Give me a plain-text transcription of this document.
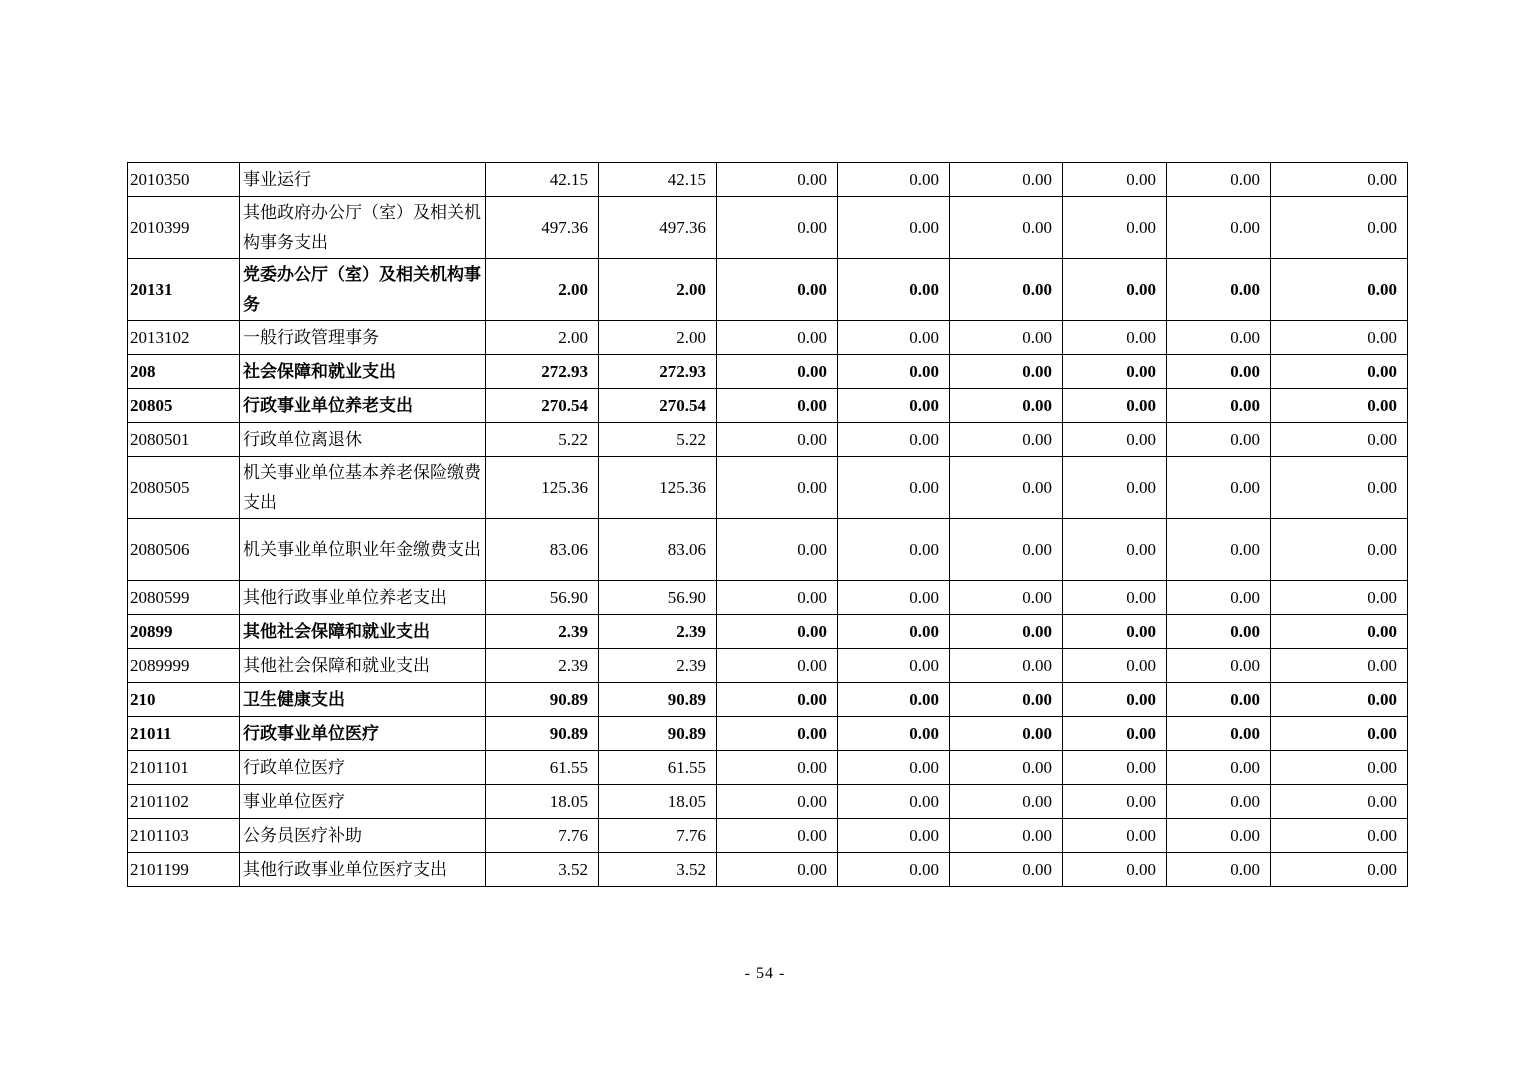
2010350	事业运行	42.15	42.15	0.00	0.00	0.00	0.00	0.00	0.00
2010399	其他政府办公厅（室）及相关机构事务支出	497.36	497.36	0.00	0.00	0.00	0.00	0.00	0.00
20131	党委办公厅（室）及相关机构事务	2.00	2.00	0.00	0.00	0.00	0.00	0.00	0.00
2013102	一般行政管理事务	2.00	2.00	0.00	0.00	0.00	0.00	0.00	0.00
208	社会保障和就业支出	272.93	272.93	0.00	0.00	0.00	0.00	0.00	0.00
20805	行政事业单位养老支出	270.54	270.54	0.00	0.00	0.00	0.00	0.00	0.00
2080501	行政单位离退休	5.22	5.22	0.00	0.00	0.00	0.00	0.00	0.00
2080505	机关事业单位基本养老保险缴费支出	125.36	125.36	0.00	0.00	0.00	0.00	0.00	0.00
2080506	机关事业单位职业年金缴费支出	83.06	83.06	0.00	0.00	0.00	0.00	0.00	0.00
2080599	其他行政事业单位养老支出	56.90	56.90	0.00	0.00	0.00	0.00	0.00	0.00
20899	其他社会保障和就业支出	2.39	2.39	0.00	0.00	0.00	0.00	0.00	0.00
2089999	其他社会保障和就业支出	2.39	2.39	0.00	0.00	0.00	0.00	0.00	0.00
210	卫生健康支出	90.89	90.89	0.00	0.00	0.00	0.00	0.00	0.00
21011	行政事业单位医疗	90.89	90.89	0.00	0.00	0.00	0.00	0.00	0.00
2101101	行政单位医疗	61.55	61.55	0.00	0.00	0.00	0.00	0.00	0.00
2101102	事业单位医疗	18.05	18.05	0.00	0.00	0.00	0.00	0.00	0.00
2101103	公务员医疗补助	7.76	7.76	0.00	0.00	0.00	0.00	0.00	0.00
2101199	其他行政事业单位医疗支出	3.52	3.52	0.00	0.00	0.00	0.00	0.00	0.00
- 54 -
